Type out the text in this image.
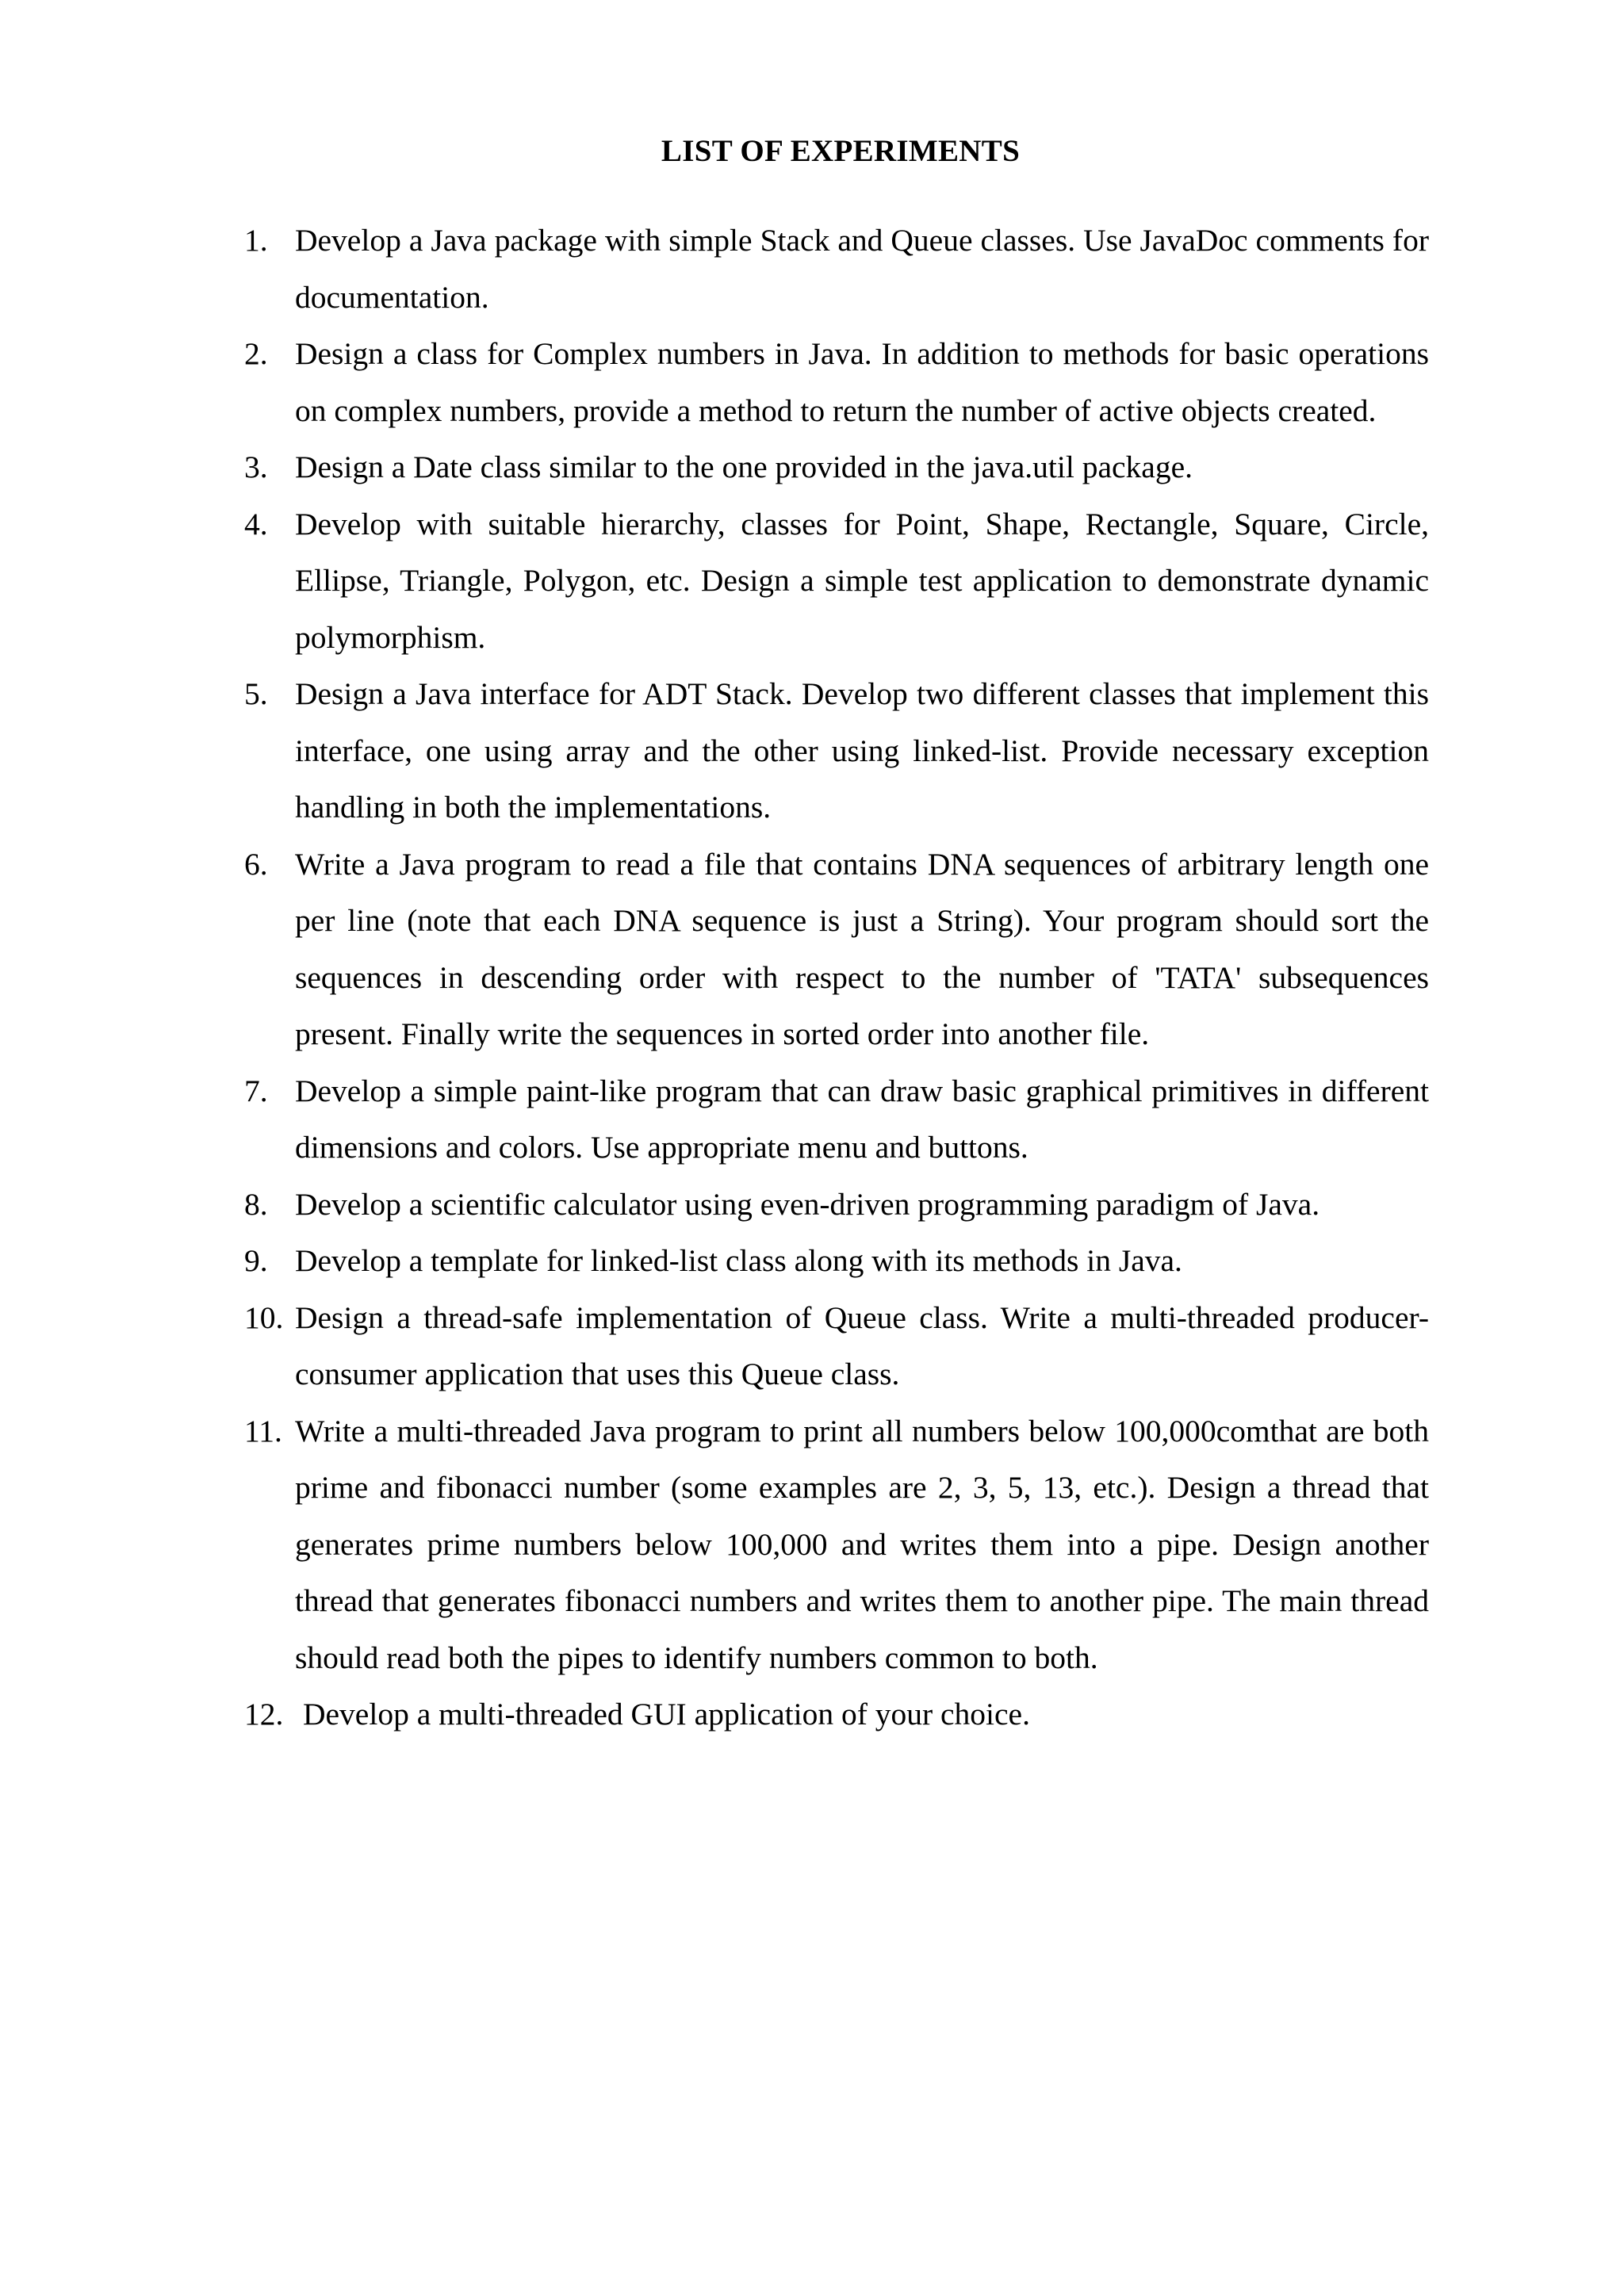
LIST OF EXPERIMENTS
1. Develop a Java package with simple Stack and Queue classes. Use JavaDoc comments for documentation.
2. Design a class for Complex numbers in Java. In addition to methods for basic operations on complex numbers, provide a method to return the number of active objects created.
3. Design a Date class similar to the one provided in the java.util package.
4. Develop with suitable hierarchy, classes for Point, Shape, Rectangle, Square, Circle, Ellipse, Triangle, Polygon, etc. Design a simple test application to demonstrate dynamic polymorphism.
5. Design a Java interface for ADT Stack. Develop two different classes that implement this interface, one using array and the other using linked-list. Provide necessary exception handling in both the implementations.
6. Write a Java program to read a file that contains DNA sequences of arbitrary length one per line (note that each DNA sequence is just a String). Your program should sort the sequences in descending order with respect to the number of 'TATA' subsequences present. Finally write the sequences in sorted order into another file.
7. Develop a simple paint-like program that can draw basic graphical primitives in different dimensions and colors. Use appropriate menu and buttons.
8. Develop a scientific calculator using even-driven programming paradigm of Java.
9. Develop a template for linked-list class along with its methods in Java.
10. Design a thread-safe implementation of Queue class. Write a multi-threaded producer-consumer application that uses this Queue class.
11. Write a multi-threaded Java program to print all numbers below 100,000comthat are both prime and fibonacci number (some examples are 2, 3, 5, 13, etc.). Design a thread that generates prime numbers below 100,000 and writes them into a pipe. Design another thread that generates fibonacci numbers and writes them to another pipe. The main thread should read both the pipes to identify numbers common to both.
12. Develop a multi-threaded GUI application of your choice.
